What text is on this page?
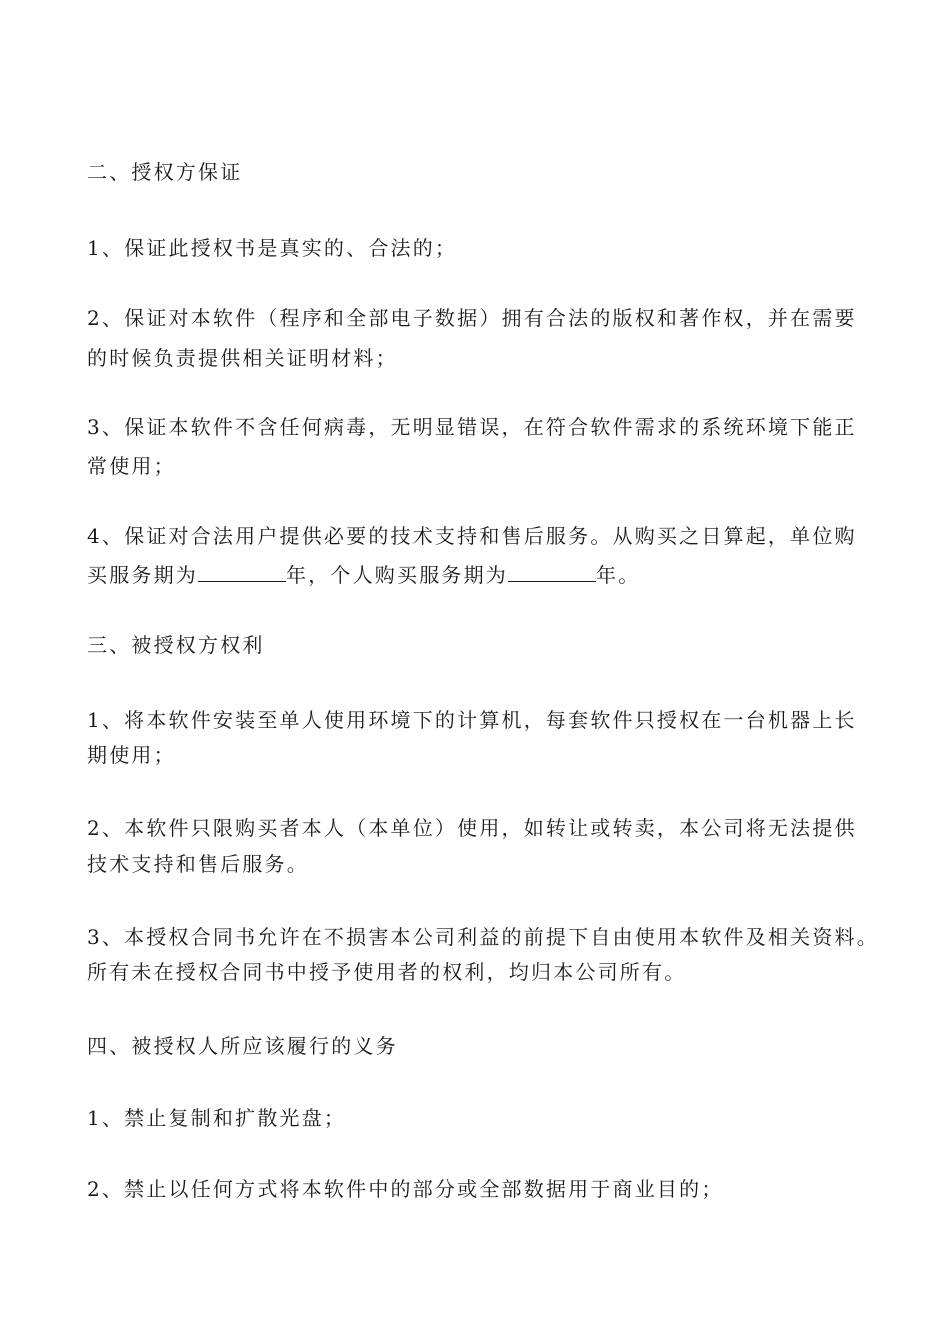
二、授权方保证
1、保证此授权书是真实的、合法的；
2、保证对本软件（程序和全部电子数据）拥有合法的版权和著作权，并在需要
的时候负责提供相关证明材料；
3、保证本软件不含任何病毒，无明显错误，在符合软件需求的系统环境下能正
常使用；
4、保证对合法用户提供必要的技术支持和售后服务。从购买之日算起，单位购
买服务期为	年，个人购买服务期为	年。
三、被授权方权利
1、将本软件安装至单人使用环境下的计算机，每套软件只授权在一台机器上长
期使用；
2、本软件只限购买者本人（本单位）使用，如转让或转卖，本公司将无法提供
技术支持和售后服务。
3、本授权合同书允许在不损害本公司利益的前提下自由使用本软件及相关资料。
所有未在授权合同书中授予使用者的权利，均归本公司所有。
四、被授权人所应该履行的义务
1、禁止复制和扩散光盘；
2、禁止以任何方式将本软件中的部分或全部数据用于商业目的；
